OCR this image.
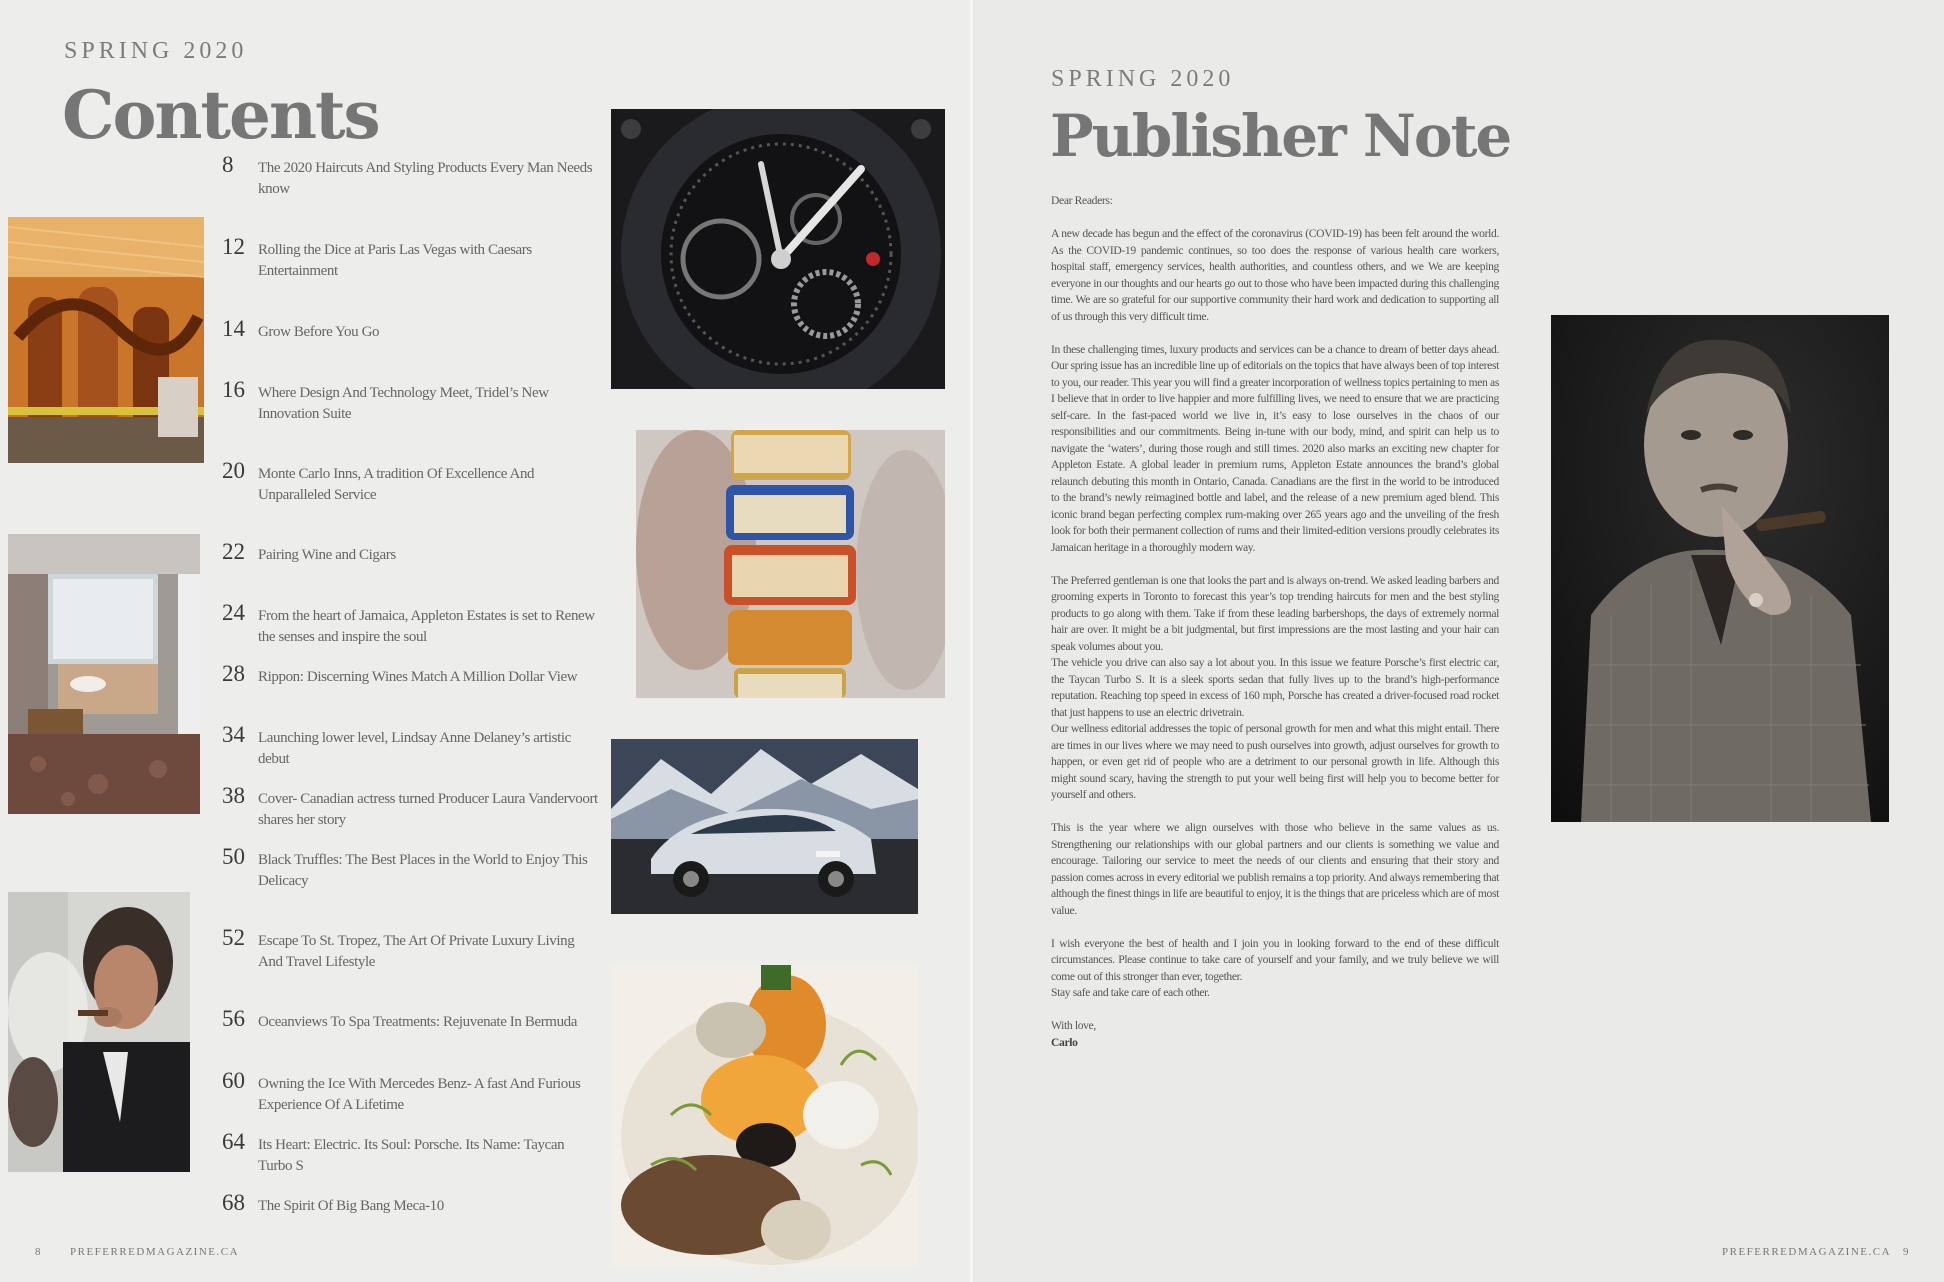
SPRING 2020
Contents
8 The 2020 Haircuts And Styling Products Every Man Needs know
12 Rolling the Dice at Paris Las Vegas with Caesars Entertainment
14 Grow Before You Go
16 Where Design And Technology Meet, Tridel’s New Innovation Suite
20 Monte Carlo Inns, A tradition Of Excellence And Unparalleled Service
22 Pairing Wine and Cigars
24 From the heart of Jamaica, Appleton Estates is set to Renew the senses and inspire the soul
28 Rippon: Discerning Wines Match A Million Dollar View
34 Launching lower level, Lindsay Anne Delaney’s artistic debut
38 Cover- Canadian actress turned Producer Laura Vandervoort shares her story
50 Black Truffles: The Best Places in the World to Enjoy This Delicacy
52 Escape To St. Tropez, The Art Of Private Luxury Living And Travel Lifestyle
56 Oceanviews To Spa Treatments: Rejuvenate In Bermuda
60 Owning the Ice With Mercedes Benz- A fast And Furious Experience Of A Lifetime
64 Its Heart: Electric. Its Soul: Porsche. Its Name: Taycan Turbo S
68 The Spirit Of Big Bang Meca-10
8	PREFERREDMAGAZINE.CA
SPRING 2020
Publisher Note

Dear Readers:

A new decade has begun and the effect of the coronavirus (COVID-19) has been felt around the world. As the COVID-19 pandemic continues, so too does the response of various health care workers, hospital staff, emergency services, health authorities, and countless others, and we We are keeping everyone in our thoughts and our hearts go out to those who have been impacted during this challenging time. We are so grateful for our supportive community their hard work and dedication to supporting all of us through this very difficult time.

In these challenging times, luxury products and services can be a chance to dream of better days ahead. Our spring issue has an incredible line up of editorials on the topics that have always been of top interest to you, our reader. This year you will find a greater incorporation of wellness topics pertaining to men as I believe that in order to live happier and more fulfilling lives, we need to ensure that we are practicing self-care. In the fast-paced world we live in, it’s easy to lose ourselves in the chaos of our responsibilities and our commitments. Being in-tune with our body, mind, and spirit can help us to navigate the ‘waters’, during those rough and still times. 2020 also marks an exciting new chapter for Appleton Estate. A global leader in premium rums, Appleton Estate announces the brand’s global relaunch debuting this month in Ontario, Canada. Canadians are the first in the world to be introduced to the brand’s newly reimagined bottle and label, and the release of a new premium aged blend. This iconic brand began perfecting complex rum-making over 265 years ago and the unveiling of the fresh look for both their permanent collection of rums and their limited-edition versions proudly celebrates its Jamaican heritage in a thoroughly modern way.

The Preferred gentleman is one that looks the part and is always on-trend. We asked leading barbers and grooming experts in Toronto to forecast this year’s top trending haircuts for men and the best styling products to go along with them. Take if from these leading barbershops, the days of extremely normal hair are over. It might be a bit judgmental, but first impressions are the most lasting and your hair can speak volumes about you.

The vehicle you drive can also say a lot about you. In this issue we feature Porsche’s first electric car, the Taycan Turbo S. It is a sleek sports sedan that fully lives up to the brand’s high-performance reputation. Reaching top speed in excess of 160 mph, Porsche has created a driver-focused road rocket that just happens to use an electric drivetrain.

Our wellness editorial addresses the topic of personal growth for men and what this might entail. There are times in our lives where we may need to push ourselves into growth, adjust ourselves for growth to happen, or even get rid of people who are a detriment to our personal growth in life. Although this might sound scary, having the strength to put your well being first will help you to become better for yourself and others.

This is the year where we align ourselves with those who believe in the same values as us. Strengthening our relationships with our global partners and our clients is something we value and encourage. Tailoring our service to meet the needs of our clients and ensuring that their story and passion comes across in every editorial we publish remains a top priority. And always remembering that although the finest things in life are beautiful to enjoy, it is the things that are priceless which are of most value.

I wish everyone the best of health and I join you in looking forward to the end of these difficult circumstances. Please continue to take care of yourself and your family, and we truly believe we will come out of this stronger than ever, together.

Stay safe and take care of each other.

With love,

Carlo

PREFERREDMAGAZINE.CA 9
